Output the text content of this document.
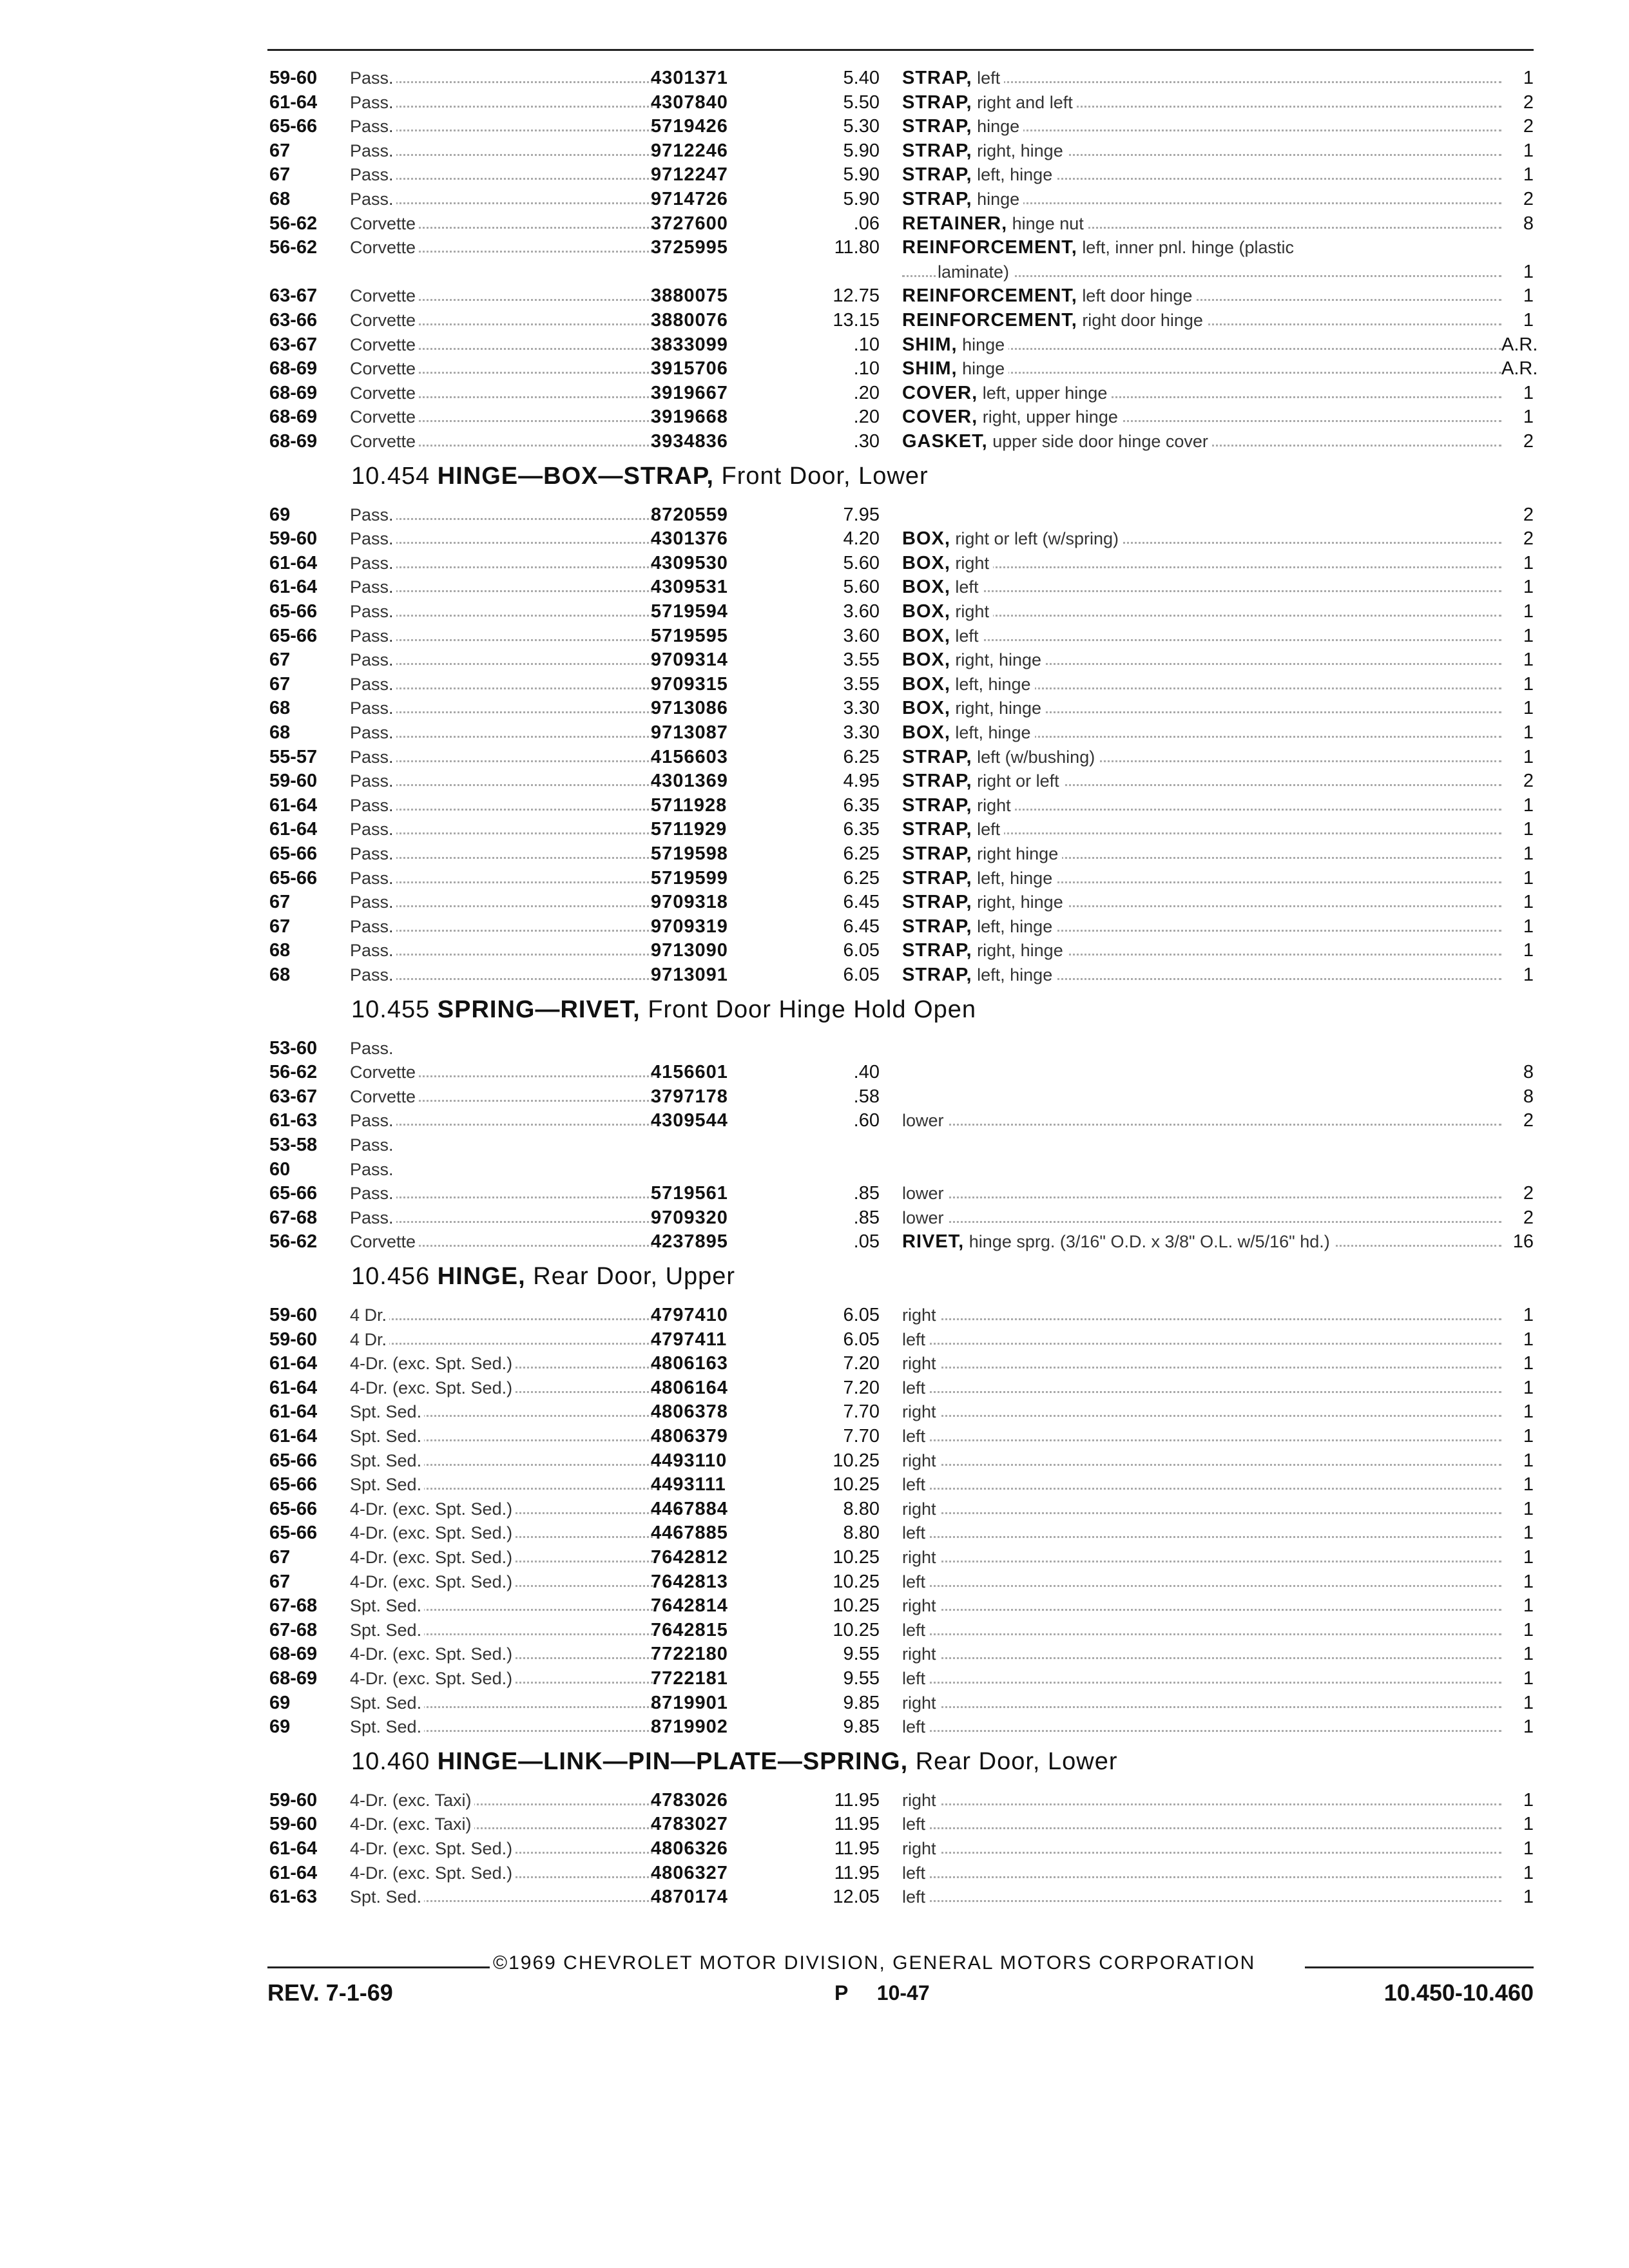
59-60 Pass.	4301371	5.40 STRAP, left	1
61-64 Pass.	4307840	5.50 STRAP, right and left	2
65-66 Pass.	5719426	5.30 STRAP, hinge	2
67	Pass.	9712246	5.90 STRAP, right, hinge	1
67	Pass.	9712247	5.90 STRAP, left, hinge	1
68	Pass.	9714726	5.90 STRAP, hinge	2
56-62 Corvette	3727600	.06 RETAINER, hinge nut	8
56-62 Corvette	3725995	11.80 REINFORCEMENT, left, inner pnl. hinge (plastic
laminate)	1
63-67 Corvette	3880075	12.75 REINFORCEMENT, left door hinge	1
63-66 Corvette	3880076	13.15 REINFORCEMENT, right door hinge	1
63-67 Corvette	3833099	.10 SHIM, hinge	A.R.
68-69 Corvette	3915706	.10 SHIM, hinge	A.R.
68-69 Corvette	3919667	.20 COVER, left, upper hinge	1
68-69 Corvette	3919668	.20 COVER, right, upper hinge	1
68-69 Corvette	3934836	.30 GASKET, upper side door hinge cover	2
10.454 HINGE—BOX—STRAP, Front Door, Lower
69	Pass.	8720559	7.95	2
59-60 Pass.	4301376	4.20 BOX, right or left (w/spring)	2
61-64 Pass.	4309530	5.60 BOX, right	1
61-64 Pass.	4309531	5.60 BOX, left	1
65-66 Pass.	5719594	3.60 BOX, right	1
65-66 Pass.	5719595	3.60 BOX, left	1
67	Pass.	9709314	3.55 BOX, right, hinge	1
67	Pass.	9709315	3.55 BOX, left, hinge	1
68	Pass.	9713086	3.30 BOX, right, hinge	1
68	Pass.	9713087	3.30 BOX, left, hinge	1
55-57 Pass.	4156603	6.25 STRAP, left (w/bushing)	1
59-60 Pass.	4301369	4.95 STRAP, right or left	2
61-64 Pass.	5711928	6.35 STRAP, right	1
61-64 Pass.	5711929	6.35 STRAP, left	1
65-66 Pass.	5719598	6.25 STRAP, right hinge	1
65-66 Pass.	5719599	6.25 STRAP, left, hinge	1
67	Pass.	9709318	6.45 STRAP, right, hinge	1
67	Pass.	9709319	6.45 STRAP, left, hinge	1
68	Pass.	9713090	6.05 STRAP, right, hinge	1
68	Pass.	9713091	6.05 STRAP, left, hinge	1
10.455 SPRING—RIVET, Front Door Hinge Hold Open
53-60 Pass.
56-62 Corvette	4156601	.40	8
63-67 Corvette	3797178	.58	8
61-63 Pass.	4309544	.60 lower	2
53-58 Pass.
60	Pass.
65-66 Pass.	5719561	.85 lower	2
67-68 Pass.	9709320	.85 lower	2
56-62 Corvette	4237895	.05 RIVET, hinge sprg. (3/16" O.D. x 3/8" O.L. w/5/16" hd.)	16
10.456 HINGE, Rear Door, Upper
59-60 4 Dr.	4797410	6.05 right	1
59-60 4 Dr.	4797411	6.05 left	1
61-64 4-Dr. (exc. Spt. Sed.)	4806163	7.20 right	1
61-64 4-Dr. (exc. Spt. Sed.)	4806164	7.20 left	1
61-64 Spt. Sed.	4806378	7.70 right	1
61-64 Spt. Sed.	4806379	7.70 left	1
65-66 Spt. Sed.	4493110	10.25 right	1
65-66 Spt. Sed.	4493111	10.25 left	1
65-66 4-Dr. (exc. Spt. Sed.)	4467884	8.80 right	1
65-66 4-Dr. (exc. Spt. Sed.)	4467885	8.80 left	1
67	4-Dr. (exc. Spt. Sed.)	7642812	10.25 right	1
67	4-Dr. (exc. Spt. Sed.)	7642813	10.25 left	1
67-68 Spt. Sed.	7642814	10.25 right	1
67-68 Spt. Sed.	7642815	10.25 left	1
68-69 4-Dr. (exc. Spt. Sed.)	7722180	9.55 right	1
68-69 4-Dr. (exc. Spt. Sed.)	7722181	9.55 left	1
69	Spt. Sed.	8719901	9.85 right	1
69	Spt. Sed.	8719902	9.85 left	1
10.460 HINGE—LINK—PIN—PLATE—SPRING, Rear Door, Lower
59-60 4-Dr. (exc. Taxi)	4783026	11.95 right	1
59-60 4-Dr. (exc. Taxi)	4783027	11.95 left	1
61-64 4-Dr. (exc. Spt. Sed.)	4806326	11.95 right	1
61-64 4-Dr. (exc. Spt. Sed.)	4806327	11.95 left	1
61-63 Spt. Sed.	4870174	12.05 left	1
©1969 CHEVROLET MOTOR DIVISION, GENERAL MOTORS CORPORATION
REV. 7-1-69	P 10-47	10.450-10.460
